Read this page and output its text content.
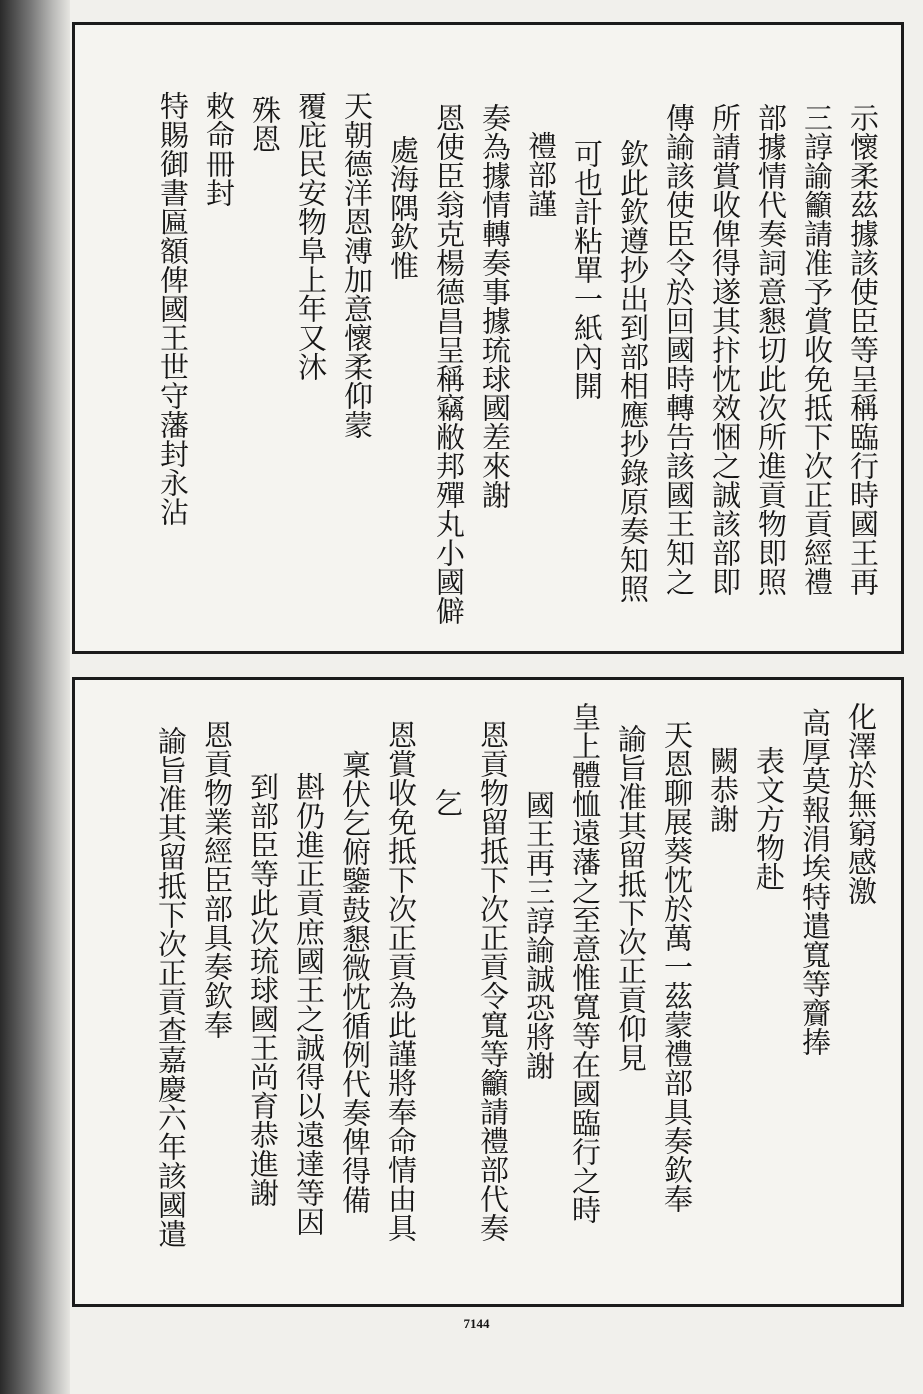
示懷柔茲據該使臣等呈稱臨行時國王再
三諄諭籲請准予賞收免抵下次正貢經禮
部據情代奏詞意懇切此次所進貢物即照
所請賞收俾得遂其抃忱效悃之誠該部即
傳諭該使臣令於回國時轉告該國王知之
欽此欽遵抄出到部相應抄錄原奏知照
可也計粘單一紙內開
禮部謹
奏為據情轉奏事據琉球國差來謝
恩使臣翁克楊德昌呈稱竊敝邦殫丸小國僻
處海隅欽惟
天朝德洋恩溥加意懷柔仰蒙
覆庇民安物阜上年又沐
殊恩
敕命冊封
特賜御書匾額俾國王世守藩封永沾
化澤於無窮感激
高厚莫報涓埃特遣寬等齎捧
表文方物赴
闕恭謝
天恩聊展葵忱於萬一茲蒙禮部具奏欽奉
諭旨准其留抵下次正貢仰見
皇上體恤遠藩之至意惟寬等在國臨行之時
國王再三諄諭誠恐將謝
恩貢物留抵下次正貢令寬等籲請禮部代奏
乞
恩賞收免抵下次正貢為此謹將奉命情由具
稟伏乞俯鑒鼓懇微忱循例代奏俾得備
斟仍進正貢庶國王之誠得以遠達等因
到部臣等此次琉球國王尚育恭進謝
恩貢物業經臣部具奏欽奉
諭旨准其留抵下次正貢查嘉慶六年該國遣
7144
